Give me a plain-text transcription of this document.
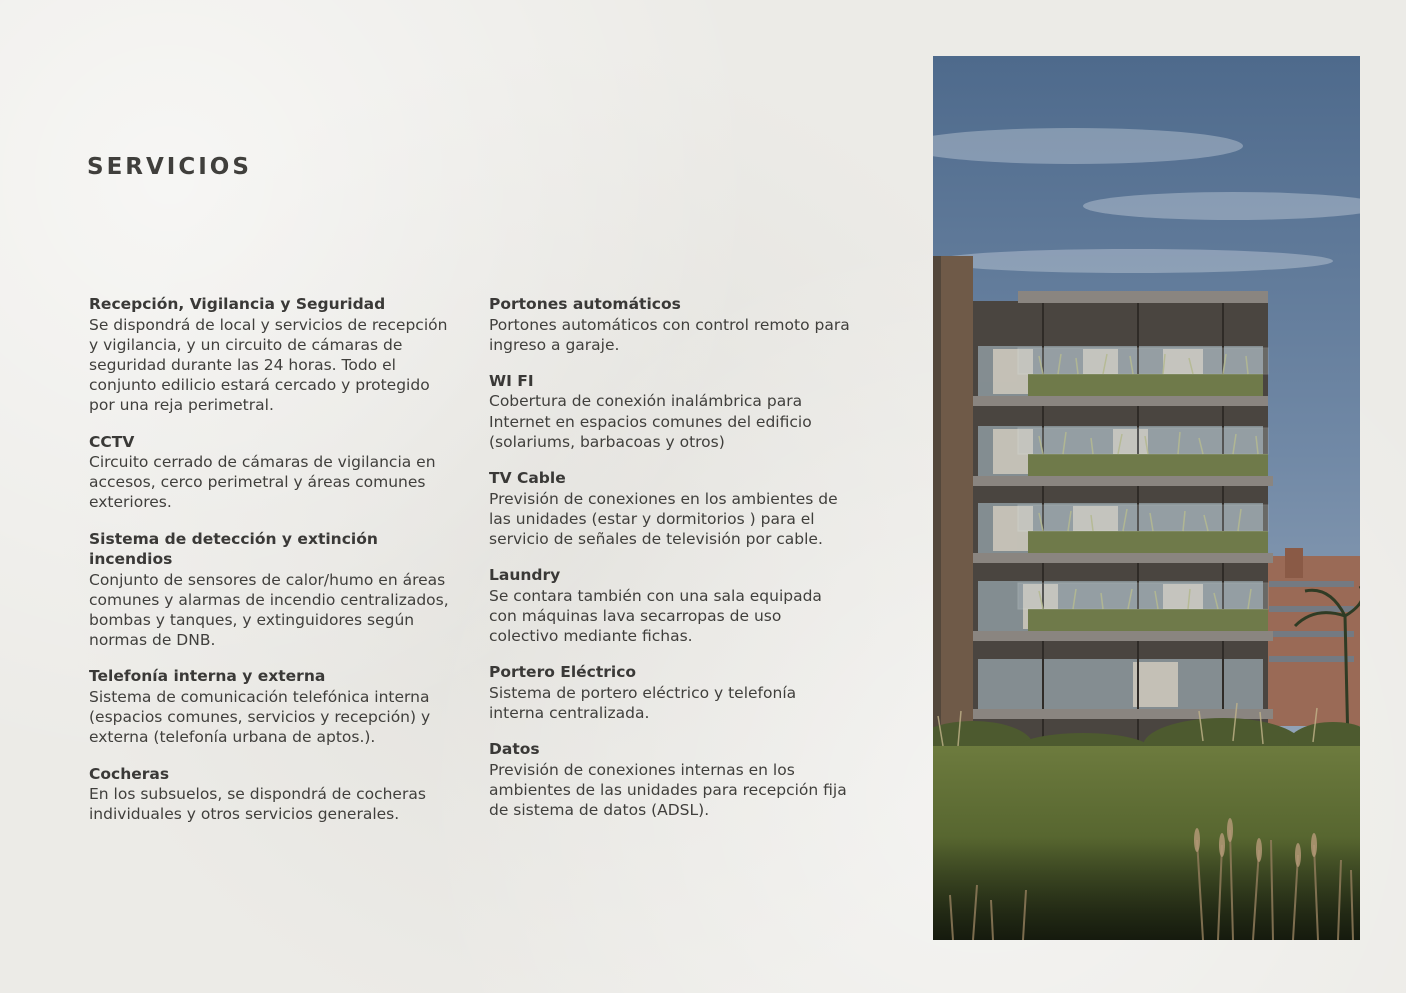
SERVICIOS
Recepción, Vigilancia y Seguridad
Se dispondrá de local y servicios de recepción y vigilancia, y un circuito de cámaras de seguridad durante las 24 horas. Todo el conjunto edilicio estará cercado y protegido por una reja perimetral.
CCTV
Circuito cerrado de cámaras de vigilancia en accesos, cerco perimetral y áreas comunes exteriores.
Sistema de detección y extinción incendios
Conjunto de sensores de calor/humo en áreas comunes y alarmas de incendio centralizados, bombas y tanques, y extinguidores según normas de DNB.
Telefonía interna y externa
Sistema de comunicación telefónica interna (espacios comunes, servicios y recepción) y externa (telefonía urbana de aptos.).
Cocheras
En los subsuelos, se dispondrá de cocheras individuales y otros servicios generales.
Portones automáticos
Portones automáticos con control remoto para ingreso a garaje.
WI FI
Cobertura de conexión inalámbrica para Internet en espacios comunes del edificio (solariums, barbacoas y otros)
TV Cable
Previsión de conexiones en los ambientes de las unidades (estar y dormitorios ) para el servicio de señales de televisión por cable.
Laundry
Se contara también con una sala equipada con máquinas lava secarropas de uso colectivo mediante fichas.
Portero Eléctrico
Sistema de portero eléctrico y telefonía interna centralizada.
Datos
Previsión de conexiones internas en los ambientes de las unidades para recepción fija de sistema de datos (ADSL).
